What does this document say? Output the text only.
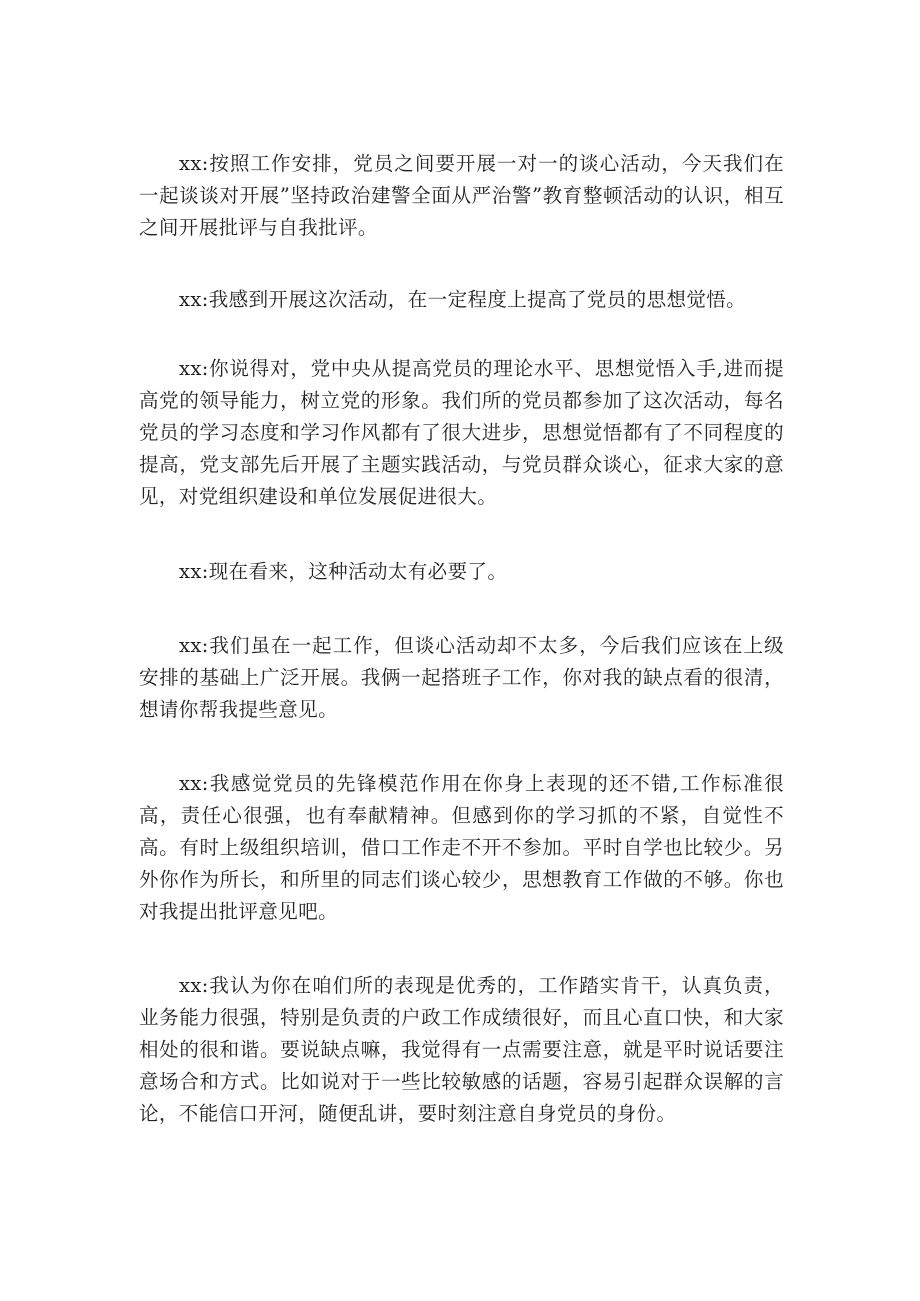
xx:按照工作安排，党员之间要开展一对一的谈心活动，今天我们在一起谈谈对开展”坚持政治建警全面从严治警”教育整顿活动的认识，相互之间开展批评与自我批评。

xx:我感到开展这次活动，在一定程度上提高了党员的思想觉悟。

xx:你说得对，党中央从提高党员的理论水平、思想觉悟入手,进而提高党的领导能力，树立党的形象。我们所的党员都参加了这次活动，每名党员的学习态度和学习作风都有了很大进步，思想觉悟都有了不同程度的提高，党支部先后开展了主题实践活动，与党员群众谈心，征求大家的意见，对党组织建设和单位发展促进很大。

xx:现在看来，这种活动太有必要了。

xx:我们虽在一起工作，但谈心活动却不太多，今后我们应该在上级安排的基础上广泛开展。我俩一起搭班子工作，你对我的缺点看的很清，想请你帮我提些意见。

xx:我感觉党员的先锋模范作用在你身上表现的还不错,工作标准很高，责任心很强，也有奉献精神。但感到你的学习抓的不紧，自觉性不高。有时上级组织培训，借口工作走不开不参加。平时自学也比较少。另外你作为所长，和所里的同志们谈心较少，思想教育工作做的不够。你也对我提出批评意见吧。

xx:我认为你在咱们所的表现是优秀的，工作踏实肯干，认真负责，业务能力很强，特别是负责的户政工作成绩很好，而且心直口快，和大家相处的很和谐。要说缺点嘛，我觉得有一点需要注意，就是平时说话要注意场合和方式。比如说对于一些比较敏感的话题，容易引起群众误解的言论，不能信口开河，随便乱讲，要时刻注意自身党员的身份。
